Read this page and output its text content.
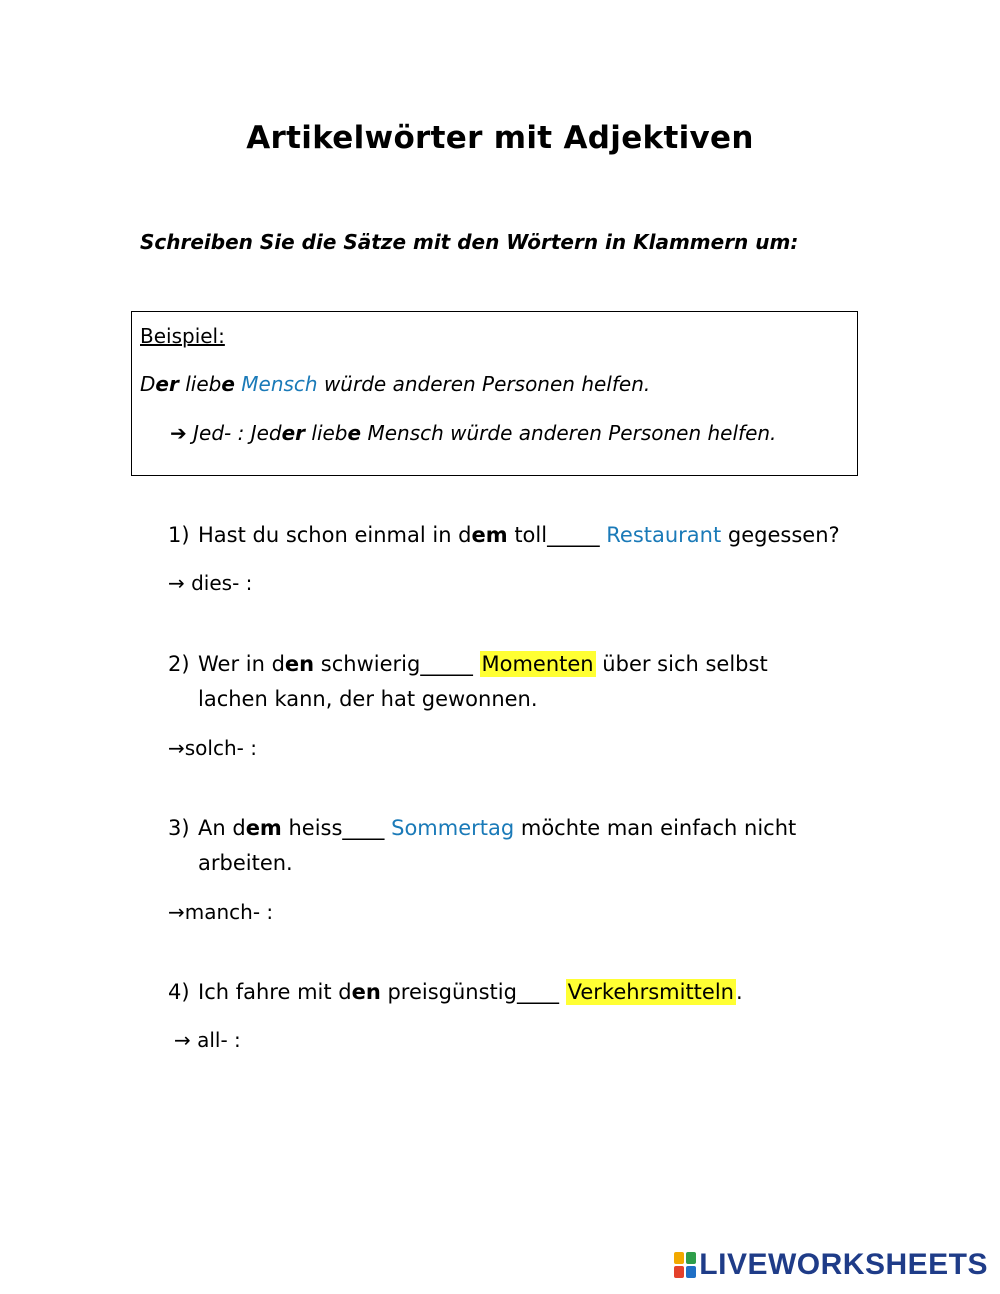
Artikelwörter mit Adjektiven
Schreiben Sie die Sätze mit den Wörtern in Klammern um:
Beispiel:
Der liebe Mensch würde anderen Personen helfen.
➔ Jed- : Jeder liebe Mensch würde anderen Personen helfen.
1) Hast du schon einmal in dem toll_____ Restaurant gegessen?
→ dies- :
2) Wer in den schwierig_____ Momenten über sich selbst
lachen kann, der hat gewonnen.
→solch- :
3) An dem heiss____ Sommertag möchte man einfach nicht
arbeiten.
→manch- :
4) Ich fahre mit den preisgünstig____ Verkehrsmitteln.
→ all- :
LIVEWORKSHEETS
